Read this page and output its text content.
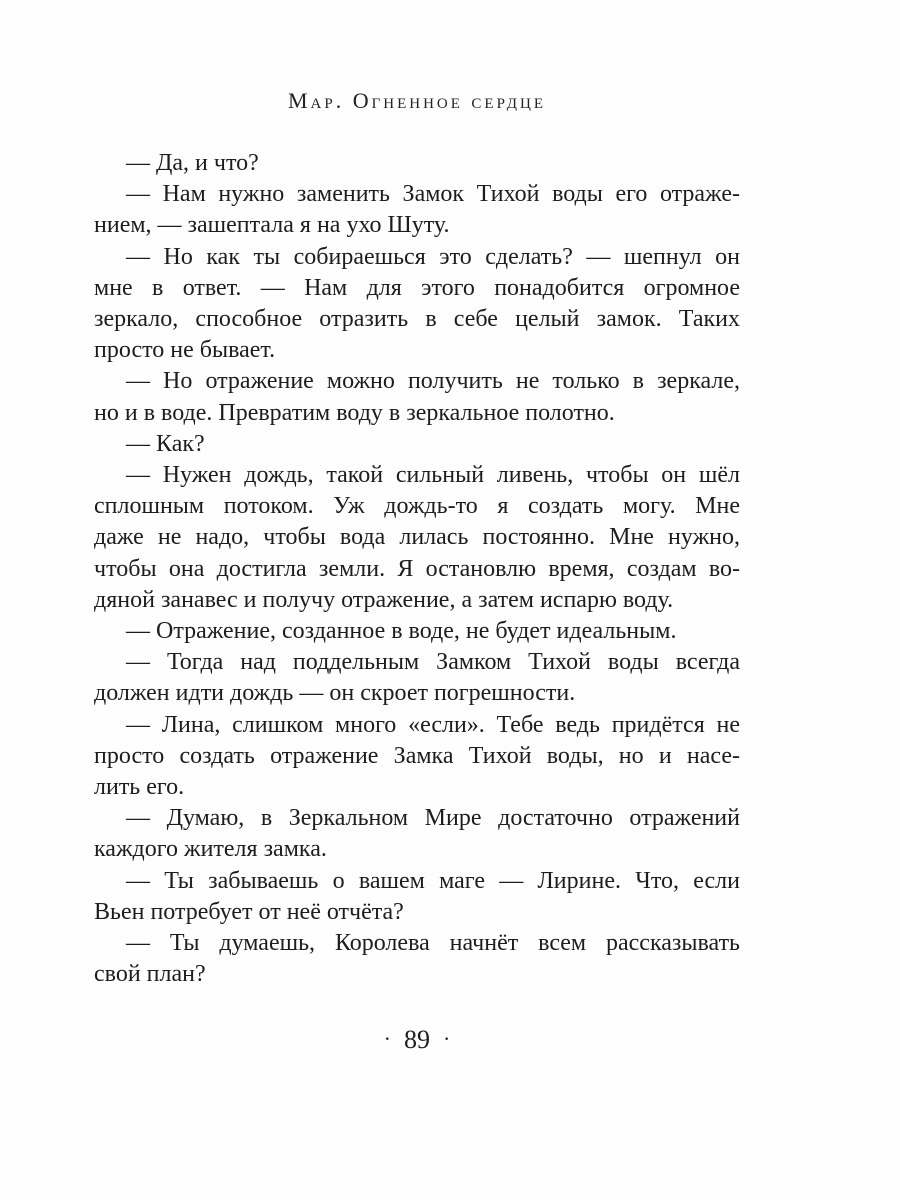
Мар. Огненное сердце
— Да, и что?
— Нам нужно заменить Замок Тихой воды его отраже-
нием, — зашептала я на ухо Шуту.
— Но как ты собираешься это сделать? — шепнул он
мне в ответ. — Нам для этого понадобится огромное
зеркало, способное отразить в себе целый замок. Таких
просто не бывает.
— Но отражение можно получить не только в зеркале,
но и в воде. Превратим воду в зеркальное полотно.
— Как?
— Нужен дождь, такой сильный ливень, чтобы он шёл
сплошным потоком. Уж дождь-то я создать могу. Мне
даже не надо, чтобы вода лилась постоянно. Мне нужно,
чтобы она достигла земли. Я остановлю время, создам во-
дяной занавес и получу отражение, а затем испарю воду.
— Отражение, созданное в воде, не будет идеальным.
— Тогда над поддельным Замком Тихой воды всегда
должен идти дождь — он скроет погрешности.
— Лина, слишком много «если». Тебе ведь придётся не
просто создать отражение Замка Тихой воды, но и насе-
лить его.
— Думаю, в Зеркальном Мире достаточно отражений
каждого жителя замка.
— Ты забываешь о вашем маге — Лирине. Что, если
Вьен потребует от неё отчёта?
— Ты думаешь, Королева начнёт всем рассказывать
свой план?
· 89 ·
